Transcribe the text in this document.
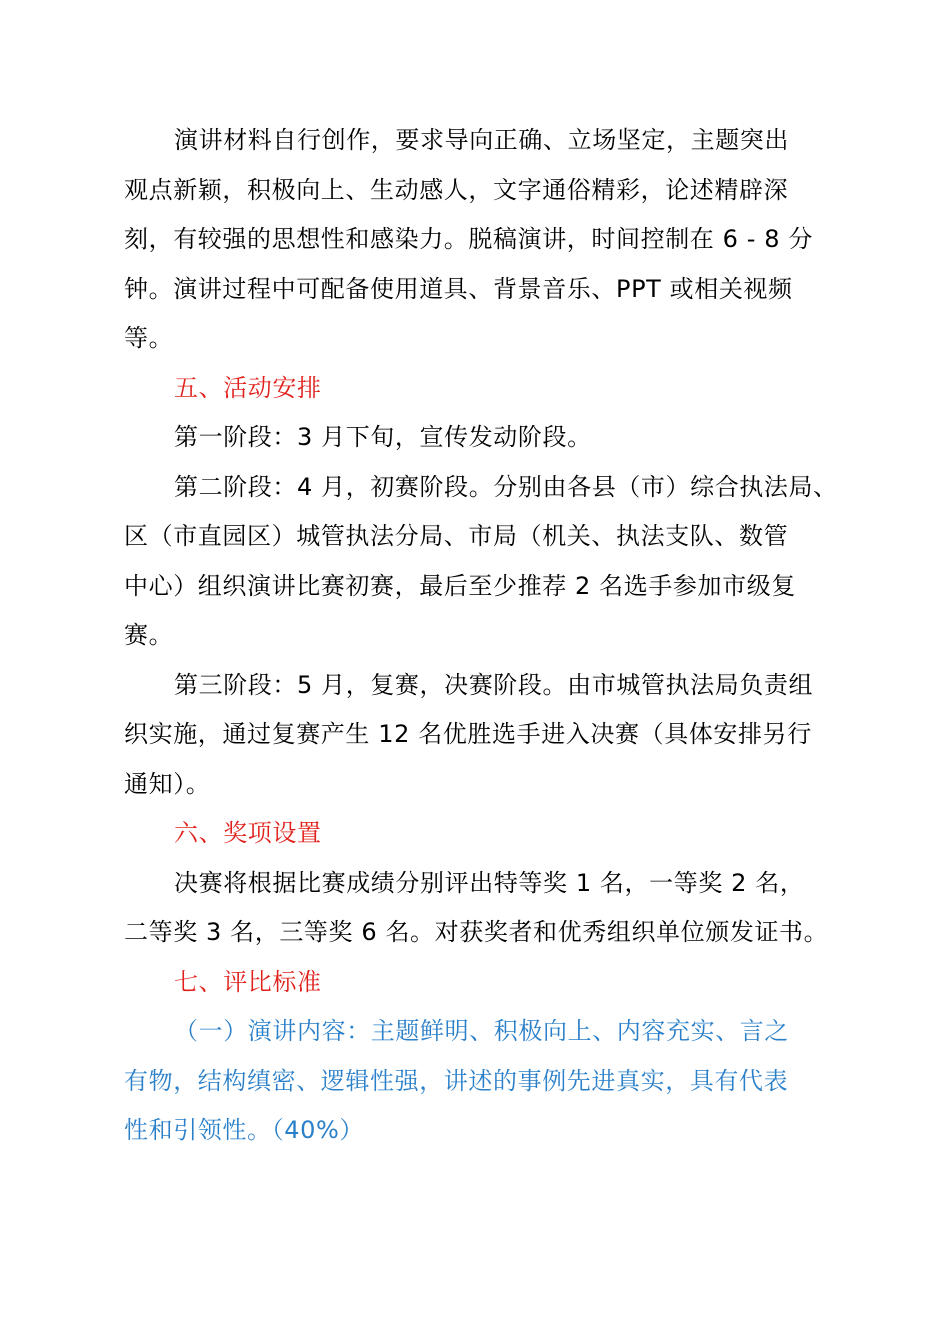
演讲材料自行创作，要求导向正确、立场坚定，主题突出
观点新颖，积极向上、生动感人，文字通俗精彩，论述精辟深
刻，有较强的思想性和感染力。脱稿演讲，时间控制在 6 - 8 分
钟。演讲过程中可配备使用道具、背景音乐、PPT 或相关视频
等。
五、活动安排
第一阶段：3 月下旬，宣传发动阶段。
第二阶段：4 月，初赛阶段。分别由各县（市）综合执法局、
区（市直园区）城管执法分局、市局（机关、执法支队、数管
中心）组织演讲比赛初赛，最后至少推荐 2 名选手参加市级复
赛。
第三阶段：5 月，复赛，决赛阶段。由市城管执法局负责组
织实施，通过复赛产生 12 名优胜选手进入决赛（具体安排另行
通知）。
六、奖项设置
决赛将根据比赛成绩分别评出特等奖 1 名，一等奖 2 名，
二等奖 3 名，三等奖 6 名。对获奖者和优秀组织单位颁发证书。
七、评比标准
（一）演讲内容：主题鲜明、积极向上、内容充实、言之
有物，结构缜密、逻辑性强，讲述的事例先进真实，具有代表
性和引领性。（40%）
